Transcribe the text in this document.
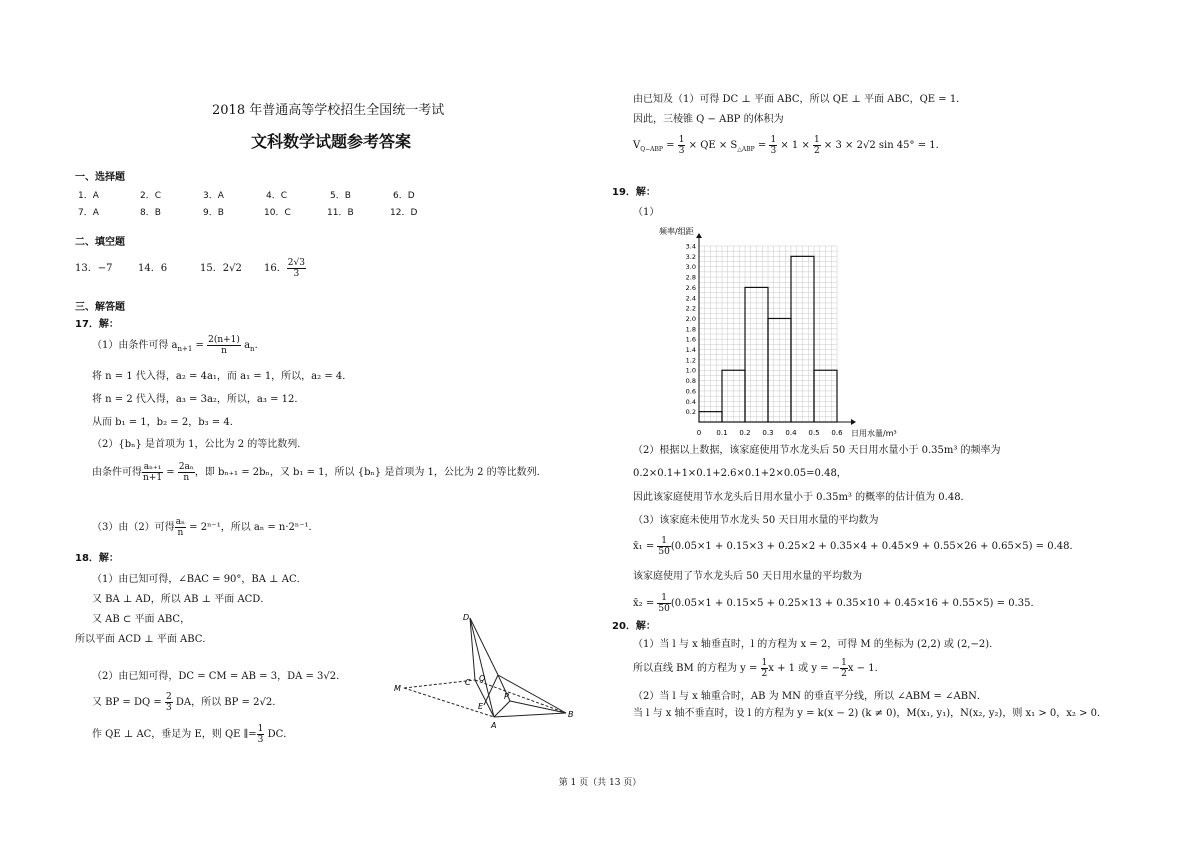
2018 年普通高等学校招生全国统一考试
文科数学试题参考答案
一、选择题
1．A	2．C	3．A	4．C	5．B	6．D
7．A	8．B	9．B	10．C	11．B	12．D
二、填空题
13．−7	14．6	15．2√2 16． $\frac{2√3}{3}$
三、解答题
17．解：
（1）由条件可得 $a_{n+1} = \frac{2(n+1)}{n} a_n$．
将 n = 1 代入得，a₂ = 4a₁，而 a₁ = 1，所以，a₂ = 4．
将 n = 2 代入得，a₃ = 3a₂，所以，a₃ = 12．
从而 b₁ = 1，b₂ = 2，b₃ = 4．
（2）{bₙ} 是首项为 1，公比为 2 的等比数列．
由条件可得 $\frac{\text{aₙ₊₁}}{n+1} = \frac{\text{2aₙ}}{n}$ ，即 bₙ₊₁ = 2bₙ，又 b₁ = 1，所以 {bₙ} 是首项为 1，公比为 2 的等比数列．
（3）由（2）可得 $\frac{\text{aₙ}}{n} = 2^{n-1}$，所以 aₙ = n·2ⁿ⁻¹．
18．解：
（1）由已知可得，∠BAC = 90°，BA ⊥ AC．
又 BA ⊥ AD，所以 AB ⊥ 平面 ACD．
又 AB ⊂ 平面 ABC，
所以平面 ACD ⊥ 平面 ABC．
（2）由已知可得，DC = CM = AB = 3，DA = 3√2．
又 BP = DQ = $\frac{2}{3}$ DA，所以 BP = 2√2．
作 QE ⊥ AC，垂足为 E，则 QE ∥= $\frac{1}{3}$ DC．
D
C Q
M
E
P
A
B
由已知及（1）可得 DC ⊥ 平面 ABC，所以 QE ⊥ 平面 ABC，QE = 1．
因此，三棱锥 Q − ABP 的体积为
$V_{Q-ABP} = \frac{1}{3}$ × QE × $S_{\triangle ABP} = \frac{1}{3} \times 1 \times \frac{1}{2} \times 3 \times 2√2$ sin 45° = 1．
19．解：
（1）
频率/组距
日用水量/m³
0 0.1 0.2 0.3 0.4 0.5 0.6
0.2
0.4
0.6
0.8
1.0
1.2
1.4
1.6
1.8
2.0
2.2
2.4
2.6
2.8
3.0
3.2
3.4
（2）根据以上数据，该家庭使用节水龙头后 50 天日用水量小于 0.35m³ 的频率为
0.2×0.1+1×0.1+2.6×0.1+2×0.05=0.48，
因此该家庭使用节水龙头后日用水量小于 0.35m³ 的概率的估计值为 0.48．
（3）该家庭未使用节水龙头 50 天日用水量的平均数为
x̄₁ = $\frac{1}{50} (0.05\times 1 + 0.15\times 3 + 0.25\times 2 + 0.35\times 4 + 0.45\times 9 + 0.55\times 26 + 0.65\times 5) = 0.48$．
该家庭使用了节水龙头后 50 天日用水量的平均数为
x̄₂ = $\frac{1}{50} (0.05\times 1 + 0.15\times 5 + 0.25\times 13 + 0.35\times 10 + 0.45\times 16 + 0.55\times 5) = 0.35$．
20．解：
（1）当 l 与 x 轴垂直时，l 的方程为 x = 2，可得 M 的坐标为 (2,2) 或 (2,−2)．
所以直线 BM 的方程为 $y = \frac{1}{2}$ x + 1 或 y = − $\frac{1}{2}$ x − 1．
（2）当 l 与 x 轴重合时，AB 为 MN 的垂直平分线，所以 ∠ABM = ∠ABN．
当 l 与 x 轴不垂直时，设 l 的方程为 y = k(x − 2) (k ≠ 0)，M(x₁, y₁)，N(x₂, y₂)，则 x₁ > 0，x₂ > 0．
第 1 页（共 13 页）
